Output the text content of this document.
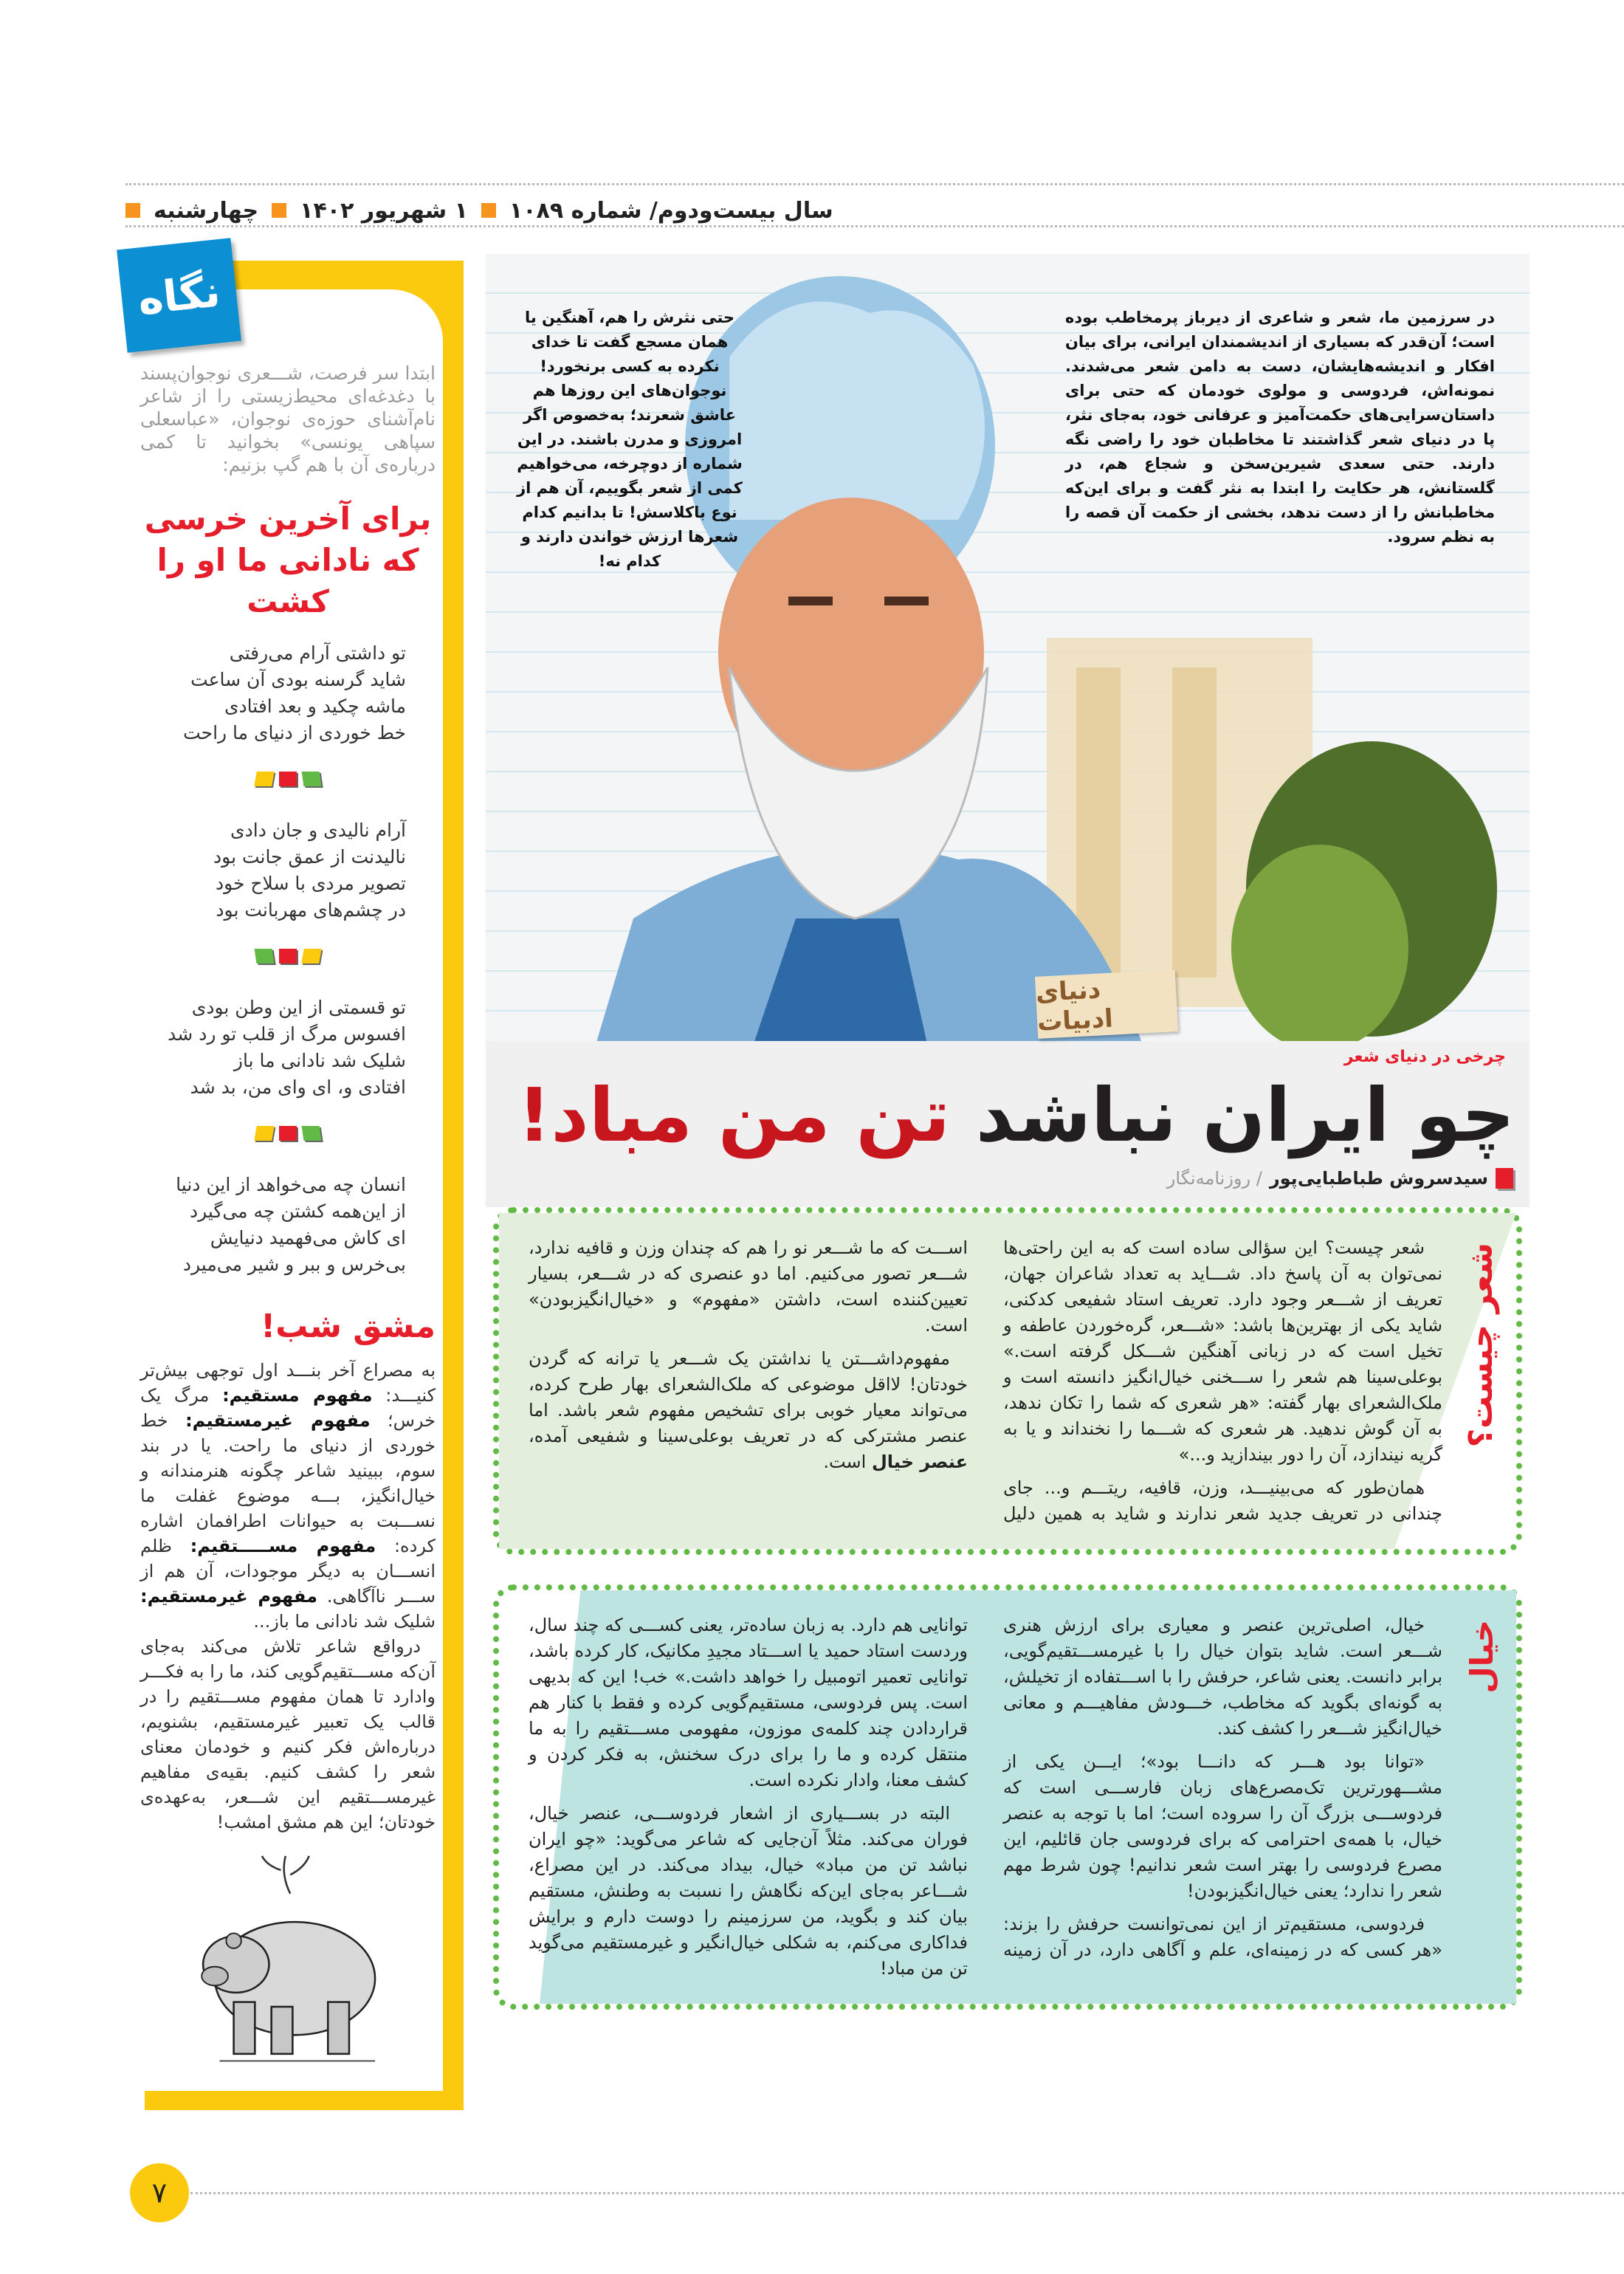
چهارشنبه ۱ شهریور ۱۴۰۲ سال بیست‌ودوم/ شماره ۱۰۸۹
نگاه
ابتدا سر فرصت، شـــعری نوجوان‌پسند با دغدغه‌ای محیط‌زیستی را از شاعر نام‌آشنای حوزه‌ی نوجوان، «عباسعلی سپاهی یونسی» بخوانید تا کمی درباره‌ی آن با هم گپ بزنیم:
برای آخرین خرسی
که نادانی ما او را کشت

تو داشتی آرام می‌رفتی

شاید گرسنه بودی آن ساعت

ماشه چکید و بعد افتادی

خط خوردی از دنیای ما راحت

آرام نالیدی و جان دادی

نالیدنت از عمق جانت بود

تصویر مردی با سلاح خود

در چشم‌های مهربانت بود

تو قسمتی از این وطن بودی

افسوس مرگ از قلب تو رد شد

شلیک شد نادانی ما باز

افتادی و، ای وای من، بد شد

انسان چه می‌خواهد از این دنیا

از این‌همه کشتن چه می‌گیرد

ای کاش می‌فهمید دنیایش

بی‌خرس و ببر و شیر می‌میرد

مشق شب!
به مصراع آخر بنـــد اول توجهی بیش‌تر کنیـــد: مفهوم مستقیم: مرگ یک خرس؛ مفهوم غیرمستقیم: خط خوردی از دنیای ما راحت. یا در بند سوم، ببینید شاعر چگونه هنرمندانه و خیال‌انگیز، بـــه موضوع غفلت ما نســـبت به حیوانات اطرافمان اشاره کرده: مفهوم مســـــتقیم: ظلم انســـان به دیگر موجودات، آن هم از ســـر ناآگاهی. مفهوم غیرمستقیم: شلیک شد نادانی ما باز...
درواقع شاعر تلاش می‌کند به‌جای آن‌که مســـتقیم‌گویی کند، ما را به فکـــر وادارد تا همان مفهوم مســـتقیم را در قالب یک تعبیر غیرمستقیم، بشنویم، درباره‌اش فکر کنیم و خودمان معنای شعر را کشف کنیم. بقیه‌ی مفاهیم غیرمســـتقیم این شـــعر، به‌عهده‌ی خودتان؛ این هم مشق امشب!
حتی نثرش را هم، آهنگین یا همان مسجع گفت تا خدای نکرده به کسی برنخورد! نوجوان‌های این روزها هم عاشق شعرند؛ به‌خصوص اگر امروزی و مدرن باشند. در این شماره از دوچرخه، می‌خواهیم کمی از شعر بگوییم، آن هم از نوع باکلاسش! تا بدانیم کدام شعرها ارزش خواندن دارند و کدام نه!
در سرزمین ما، شعر و شاعری از دیرباز پرمخاطب بوده است؛ آن‌قدر که بسیاری از اندیشمندان ایرانی، برای بیان افکار و اندیشه‌هایشان، دست به دامن شعر می‌شدند. نمونه‌اش، فردوسی و مولوی خودمان که حتی برای داستان‌سرایی‌های حکمت‌آمیز و عرفانی خود، به‌جای نثر، پا در دنیای شعر گذاشتند تا مخاطبان خود را راضی نگه دارند. حتی سعدی شیرین‌سخن و شجاع هم، در گلستانش، هر حکایت را ابتدا به نثر گفت و برای این‌که مخاطبانش را از دست ندهد، بخشی از حکمت آن قصه را به نظم سرود.
دنیای ادبیات
چرخی در دنیای شعر
چو ایران نباشد تن من مباد!
سیدسروش طباطبایی‌پور
/ روزنامه‌نگار
شعر چیست؟

شعر چیست؟ این سؤالی ساده است که به این راحتی‌ها نمی‌توان به آن پاسخ داد. شـــاید به تعداد شاعران جهان، تعریف از شـــعر وجود دارد. تعریف استاد شفیعی کدکنی، شاید یکی از بهترین‌ها باشد: «شـــعر، گره‌خوردن عاطفه و تخیل است که در زبانی آهنگین شـــکل گرفته است.» بوعلی‌سینا هم شعر را ســـخنی خیال‌انگیز دانسته است و ملک‌الشعرای بهار گفته: «هر شعری که شما را تکان ندهد، به آن گوش ندهید. هر شعری که شـــما را نخنداند و یا به گریه نیندازد، آن را دور بیندازید و...»

همان‌طور که می‌بینیـــد، وزن، قافیه، ریتـــم و... جای چندانی در تعریف جدید شعر ندارند و شاید به همین دلیل اســـت که ما شـــعر نو را هم که چندان وزن و قافیه ندارد، شـــعر تصور می‌کنیم. اما دو عنصری که در شـــعر، بسیار تعیین‌کننده است، داشتن «مفهوم» و «خیال‌انگیزبودن» است.

مفهوم‌داشـــتن یا نداشتن یک شـــعر یا ترانه که گردن خودتان! لااقل موضوعی که ملک‌الشعرای بهار طرح کرده، می‌تواند معیار خوبی برای تشخیص مفهوم شعر باشد. اما عنصر مشترکی که در تعریف بوعلی‌سینا و شفیعی آمده، عنصر خیال است.

خیال

خیال، اصلی‌ترین عنصر و معیاری برای ارزش هنری شـــعر است. شاید بتوان خیال را با غیرمســـتقیم‌گویی، برابر دانست. یعنی شاعر، حرفش را با اســـتفاده از تخیلش، به گونه‌ای بگوید که مخاطب، خـــودش مفاهیـــم و معانی خیال‌انگیز شـــعر را کشف کند.

«توانا بود هـــر که دانـــا بود»؛ ایـــن یکی از مشـــهورترین تک‌مصرع‌های زبان فارســـی است که فردوســـی بزرگ آن را سروده است؛ اما با توجه به عنصر خیال، با همه‌ی احترامی که برای فردوسی جان قائلیم، این مصرع فردوسی را بهتر است شعر ندانیم! چون شرط مهم شعر را ندارد؛ یعنی خیال‌انگیزبودن!

فردوسی، مستقیم‌تر از این نمی‌توانست حرفش را بزند: «هر کسی که در زمینه‌ای، علم و آگاهی دارد، در آن زمینه توانایی هم دارد. به زبان ساده‌تر، یعنی کســـی که چند سال، وردست استاد حمید یا اســـتاد مجیدِ مکانیک، کار کرده باشد، توانایی تعمیر اتومبیل را خواهد داشت.» خب! این که بدیهی است. پس فردوسی، مستقیم‌گویی کرده و فقط با کنار هم قراردادن چند کلمه‌ی موزون، مفهومی مســـتقیم را به ما منتقل کرده و ما را برای درک سخنش، به فکر کردن و کشف معنا، وادار نکرده است.

البته در بســـیاری از اشعار فردوســـی، عنصر خیال، فوران می‌کند. مثلاً آن‌جایی که شاعر می‌گوید: «چو ایران نباشد تن من مباد» خیال، بیداد می‌کند. در این مصراع، شـــاعر به‌جای این‌که نگاهش را نسبت به وطنش، مستقیم بیان کند و بگوید، من سرزمینم را دوست دارم و برایش فداکاری می‌کنم، به شکلی خیال‌انگیر و غیرمستقیم می‌گوید تن من مباد!

۷
